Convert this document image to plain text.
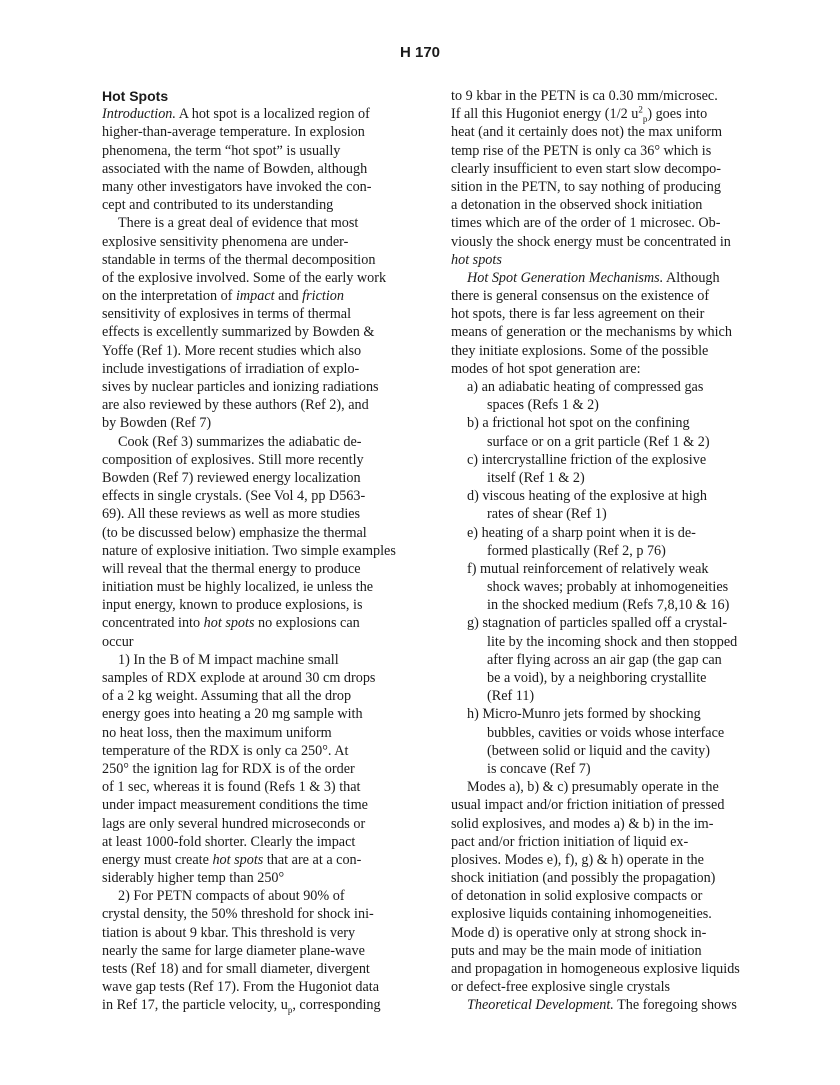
H 170
Hot Spots
Introduction. A hot spot is a localized region of
higher-than-average temperature. In explosion
phenomena, the term “hot spot” is usually
associated with the name of Bowden, although
many other investigators have invoked the con-
cept and contributed to its understanding
There is a great deal of evidence that most
explosive sensitivity phenomena are under-
standable in terms of the thermal decomposition
of the explosive involved. Some of the early work
on the interpretation of impact and friction
sensitivity of explosives in terms of thermal
effects is excellently summarized by Bowden &
Yoffe (Ref 1). More recent studies which also
include investigations of irradiation of explo-
sives by nuclear particles and ionizing radiations
are also reviewed by these authors (Ref 2), and
by Bowden (Ref 7)
Cook (Ref 3) summarizes the adiabatic de-
composition of explosives. Still more recently
Bowden (Ref 7) reviewed energy localization
effects in single crystals. (See Vol 4, pp D563-
69). All these reviews as well as more studies
(to be discussed below) emphasize the thermal
nature of explosive initiation. Two simple examples
will reveal that the thermal energy to produce
initiation must be highly localized, ie unless the
input energy, known to produce explosions, is
concentrated into hot spots no explosions can
occur
1) In the B of M impact machine small
samples of RDX explode at around 30 cm drops
of a 2 kg weight. Assuming that all the drop
energy goes into heating a 20 mg sample with
no heat loss, then the maximum uniform
temperature of the RDX is only ca 250°. At
250° the ignition lag for RDX is of the order
of 1 sec, whereas it is found (Refs 1 & 3) that
under impact measurement conditions the time
lags are only several hundred microseconds or
at least 1000-fold shorter. Clearly the impact
energy must create hot spots that are at a con-
siderably higher temp than 250°
2) For PETN compacts of about 90% of
crystal density, the 50% threshold for shock ini-
tiation is about 9 kbar. This threshold is very
nearly the same for large diameter plane-wave
tests (Ref 18) and for small diameter, divergent
wave gap tests (Ref 17). From the Hugoniot data
in Ref 17, the particle velocity, $u_p$, corresponding
to 9 kbar in the PETN is ca 0.30 mm/microsec.
If all this Hugoniot energy (1/2 $u^2_p$) goes into
heat (and it certainly does not) the max uniform
temp rise of the PETN is only ca 36° which is
clearly insufficient to even start slow decompo-
sition in the PETN, to say nothing of producing
a detonation in the observed shock initiation
times which are of the order of 1 microsec. Ob-
viously the shock energy must be concentrated in
hot spots
Hot Spot Generation Mechanisms. Although
there is general consensus on the existence of
hot spots, there is far less agreement on their
means of generation or the mechanisms by which
they initiate explosions. Some of the possible
modes of hot spot generation are:
a) an adiabatic heating of compressed gas
spaces (Refs 1 & 2)
b) a frictional hot spot on the confining
surface or on a grit particle (Ref 1 & 2)
c) intercrystalline friction of the explosive
itself (Ref 1 & 2)
d) viscous heating of the explosive at high
rates of shear (Ref 1)
e) heating of a sharp point when it is de-
formed plastically (Ref 2, p 76)
f) mutual reinforcement of relatively weak
shock waves; probably at inhomogeneities
in the shocked medium (Refs 7,8,10 & 16)
g) stagnation of particles spalled off a crystal-
lite by the incoming shock and then stopped
after flying across an air gap (the gap can
be a void), by a neighboring crystallite
(Ref 11)
h) Micro-Munro jets formed by shocking
bubbles, cavities or voids whose interface
(between solid or liquid and the cavity)
is concave (Ref 7)
Modes a), b) & c) presumably operate in the
usual impact and/or friction initiation of pressed
solid explosives, and modes a) & b) in the im-
pact and/or friction initiation of liquid ex-
plosives. Modes e), f), g) & h) operate in the
shock initiation (and possibly the propagation)
of detonation in solid explosive compacts or
explosive liquids containing inhomogeneities.
Mode d) is operative only at strong shock in-
puts and may be the main mode of initiation
and propagation in homogeneous explosive liquids
or defect-free explosive single crystals
Theoretical Development. The foregoing shows
